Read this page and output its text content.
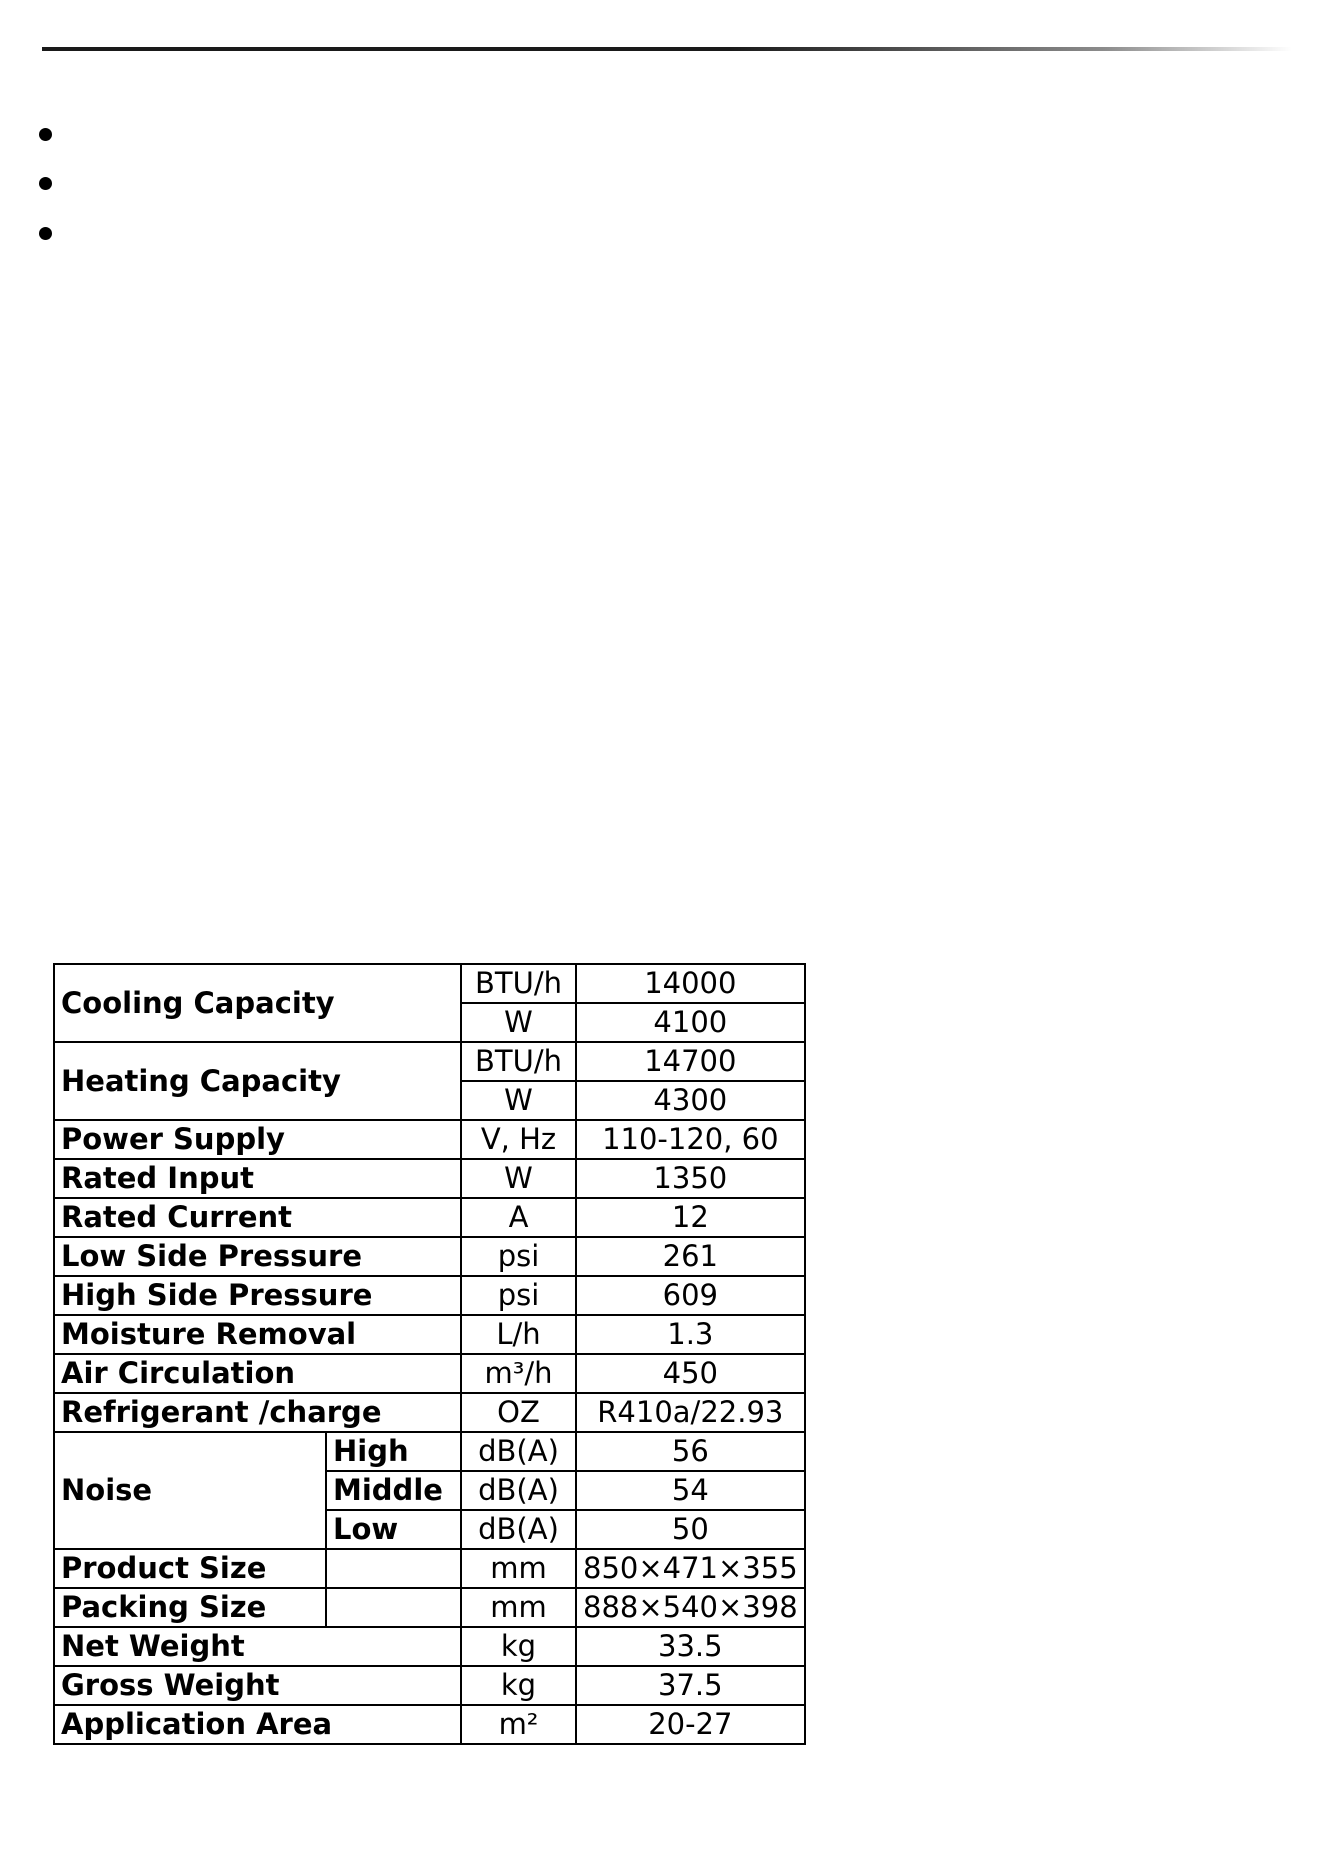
Cooling Capacity		BTU/h	14000
		W	4100
Heating Capacity		BTU/h	14700
		W	4300
Power Supply		V, Hz	110-120, 60
Rated Input		W	1350
Rated Current		A	12
Low Side Pressure		psi	261
High Side Pressure		psi	609
Moisture Removal		L/h	1.3
Air Circulation		m³/h	450
Refrigerant /charge		OZ	R410a/22.93
Noise	High	dB(A)	56
	Middle	dB(A)	54
	Low	dB(A)	50
Product Size		mm	850×471×355
Packing Size		mm	888×540×398
Net Weight		kg	33.5
Gross Weight		kg	37.5
Application Area		m²	20-27
